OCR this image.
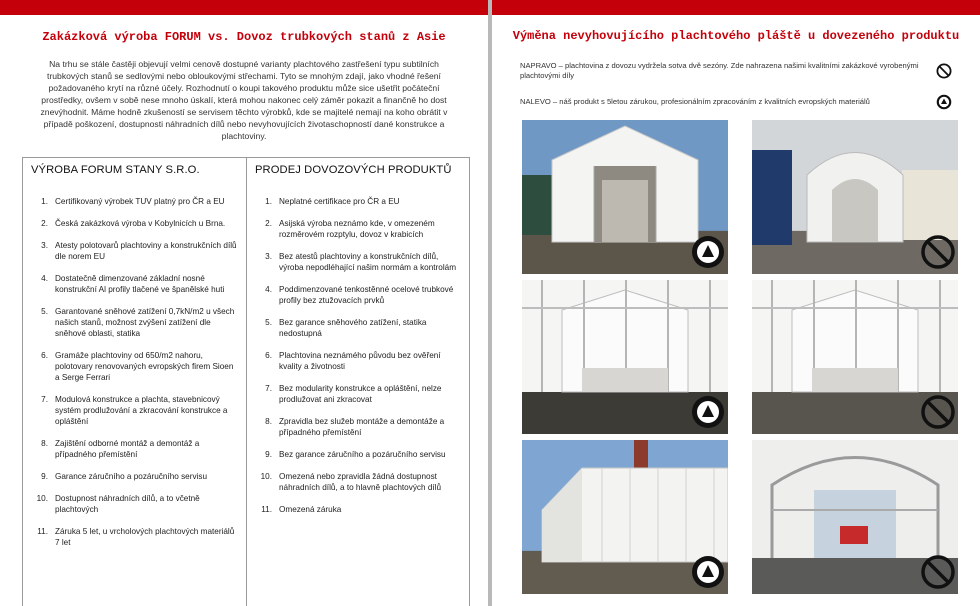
Zakázková výroba FORUM vs. Dovoz trubkových stanů z Asie

Na trhu se stále častěji objevují velmi cenově dostupné varianty plachtového zastřešení typu subtilních trubkových stanů se sedlovými nebo obloukovými střechami. Tyto se mnohým zdají, jako vhodné řešení požadovaného krytí na různé účely. Rozhodnutí o koupi takového produktu může sice ušetřit počáteční prostředky, ovšem v sobě nese mnoho úskalí, která mohou nakonec celý záměr pokazit a finančně ho dost znevýhodnit. Máme hodně zkušeností se servisem těchto výrobků, kde se majitelé nemají na koho obrátit v případě poškození, dostupnosti náhradních dílů nebo nevyhovujících životaschopností dané konstrukce a plachtoviny.

VÝROBA FORUM STANY S.R.O.
1. Certifikovaný výrobek TUV platný pro ČR a EU
2. Česká zakázková výroba v Kobylnicích u Brna.
3. Atesty polotovarů plachtoviny a konstrukčních dílů dle norem EU
4. Dostatečně dimenzované základní nosné konstrukční Al profily tlačené ve španělské huti
5. Garantované sněhové zatížení 0,7kN/m2 u všech našich stanů, možnost zvýšení zatížení dle sněhové oblasti, statika
6. Gramáže plachtoviny od 650/m2 nahoru, polotovary renovovaných evropských firem Sioen a Serge Ferrari
7. Modulová konstrukce a plachta, stavebnicový systém prodlužování a zkracování konstrukce a opláštění
8. Zajištění odborné montáž a demontáž a případného přemístění
9. Garance záručního a pozáručního servisu
10. Dostupnost náhradních dílů, a to včetně plachtových
11. Záruka 5 let, u vrcholových plachtových materiálů 7 let
PRODEJ DOVOZOVÝCH PRODUKTŮ
1. Neplatné certifikace pro ČR a EU
2. Asijská výroba neznámo kde, v omezeném rozměrovém rozptylu, dovoz v krabicích
3. Bez atestů plachtoviny a konstrukčních dílů, výroba nepodléhající našim normám a kontrolám
4. Poddimenzované tenkostěnné ocelové trubkové profily bez ztužovacích prvků
5. Bez garance sněhového zatížení, statika nedostupná
6. Plachtovina neznámého původu bez ověření kvality a životnosti
7. Bez modularity konstrukce a opláštění, nelze prodlužovat ani zkracovat
8. Zpravidla bez služeb montáže a demontáže a případného přemístění
9. Bez garance záručního a pozáručního servisu
10. Omezená nebo zpravidla žádná dostupnost náhradních dílů, a to hlavně plachtových dílů
11. Omezená záruka
Výměna nevyhovujícího plachtového pláště u dovezeného produktu
NAPRAVO – plachtovina z dovozu vydržela sotva dvě sezóny. Zde nahrazena našimi kvalitními zakázkové vyrobenými plachtovými díly
NALEVO – náš produkt s 5letou zárukou, profesionálním zpracováním z kvalitních evropských materiálů
